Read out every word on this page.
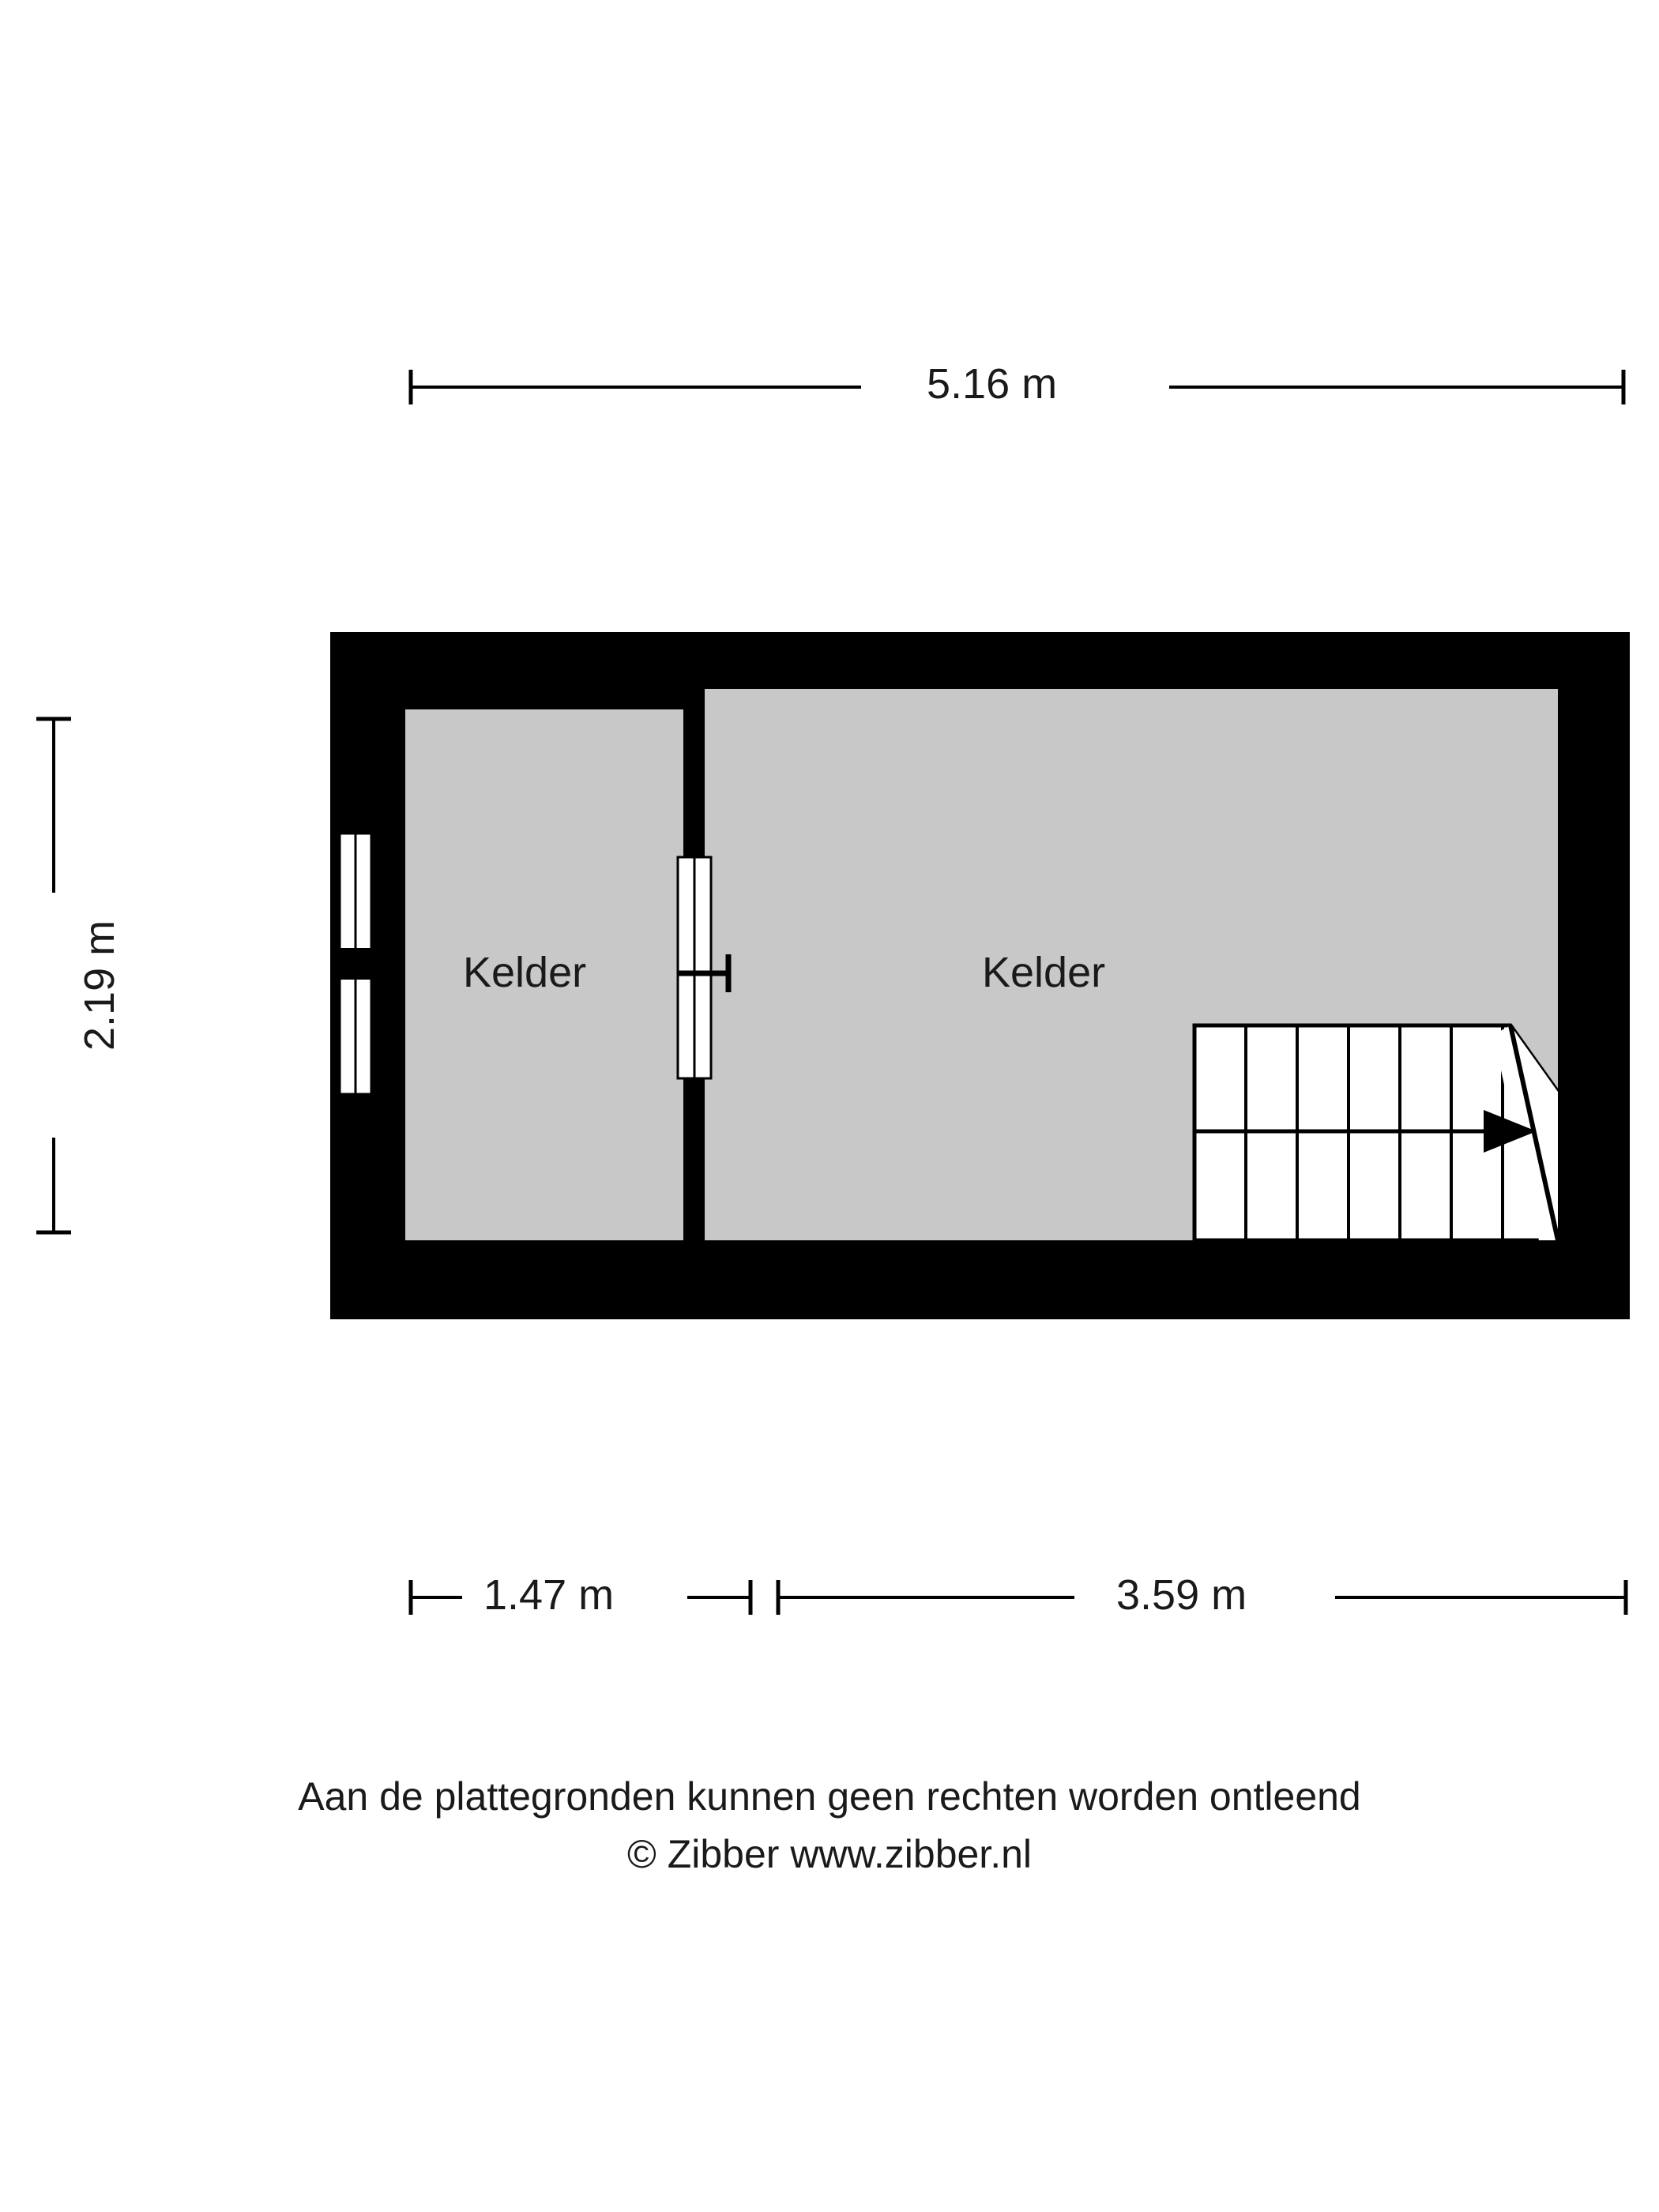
5.16 m
2.19 m
1.47 m	3.59 m
Kelder	Kelder
Aan de plattegronden kunnen geen rechten worden ontleend
© Zibber www.zibber.nl
